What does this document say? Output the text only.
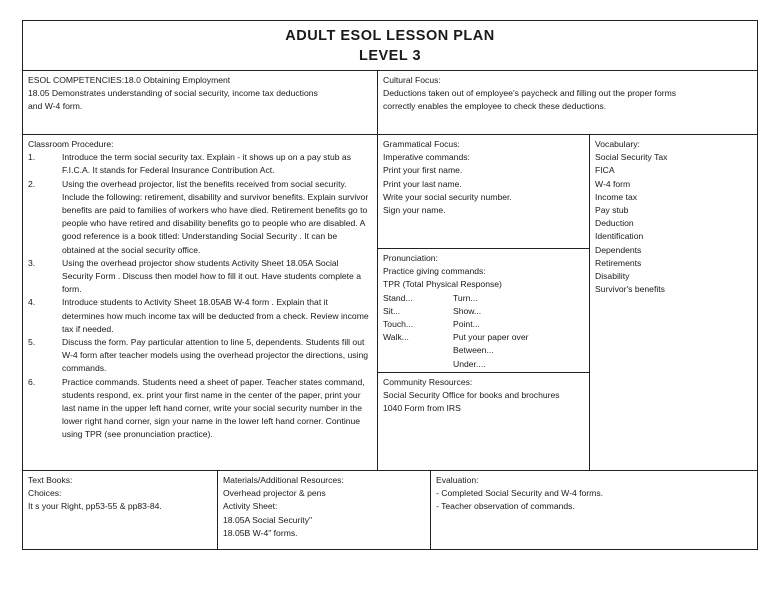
ADULT ESOL LESSON PLAN
LEVEL 3
ESOL COMPETENCIES:18.0 Obtaining Employment
18.05 Demonstrates understanding of social security, income tax deductions
and W-4 form.
Cultural Focus:
Deductions taken out of employee's paycheck and filling out the proper forms
correctly enables the employee to check these deductions.
Classroom Procedure:
1.	Introduce the term social security tax. Explain - it shows up on a pay stub as F.I.C.A. It stands for Federal Insurance Contribution Act.
2.	Using the overhead projector, list the benefits received from social security. Include the following: retirement, disability and survivor benefits. Explain survivor benefits are paid to families of workers who have died. Retirement benefits go to people who have retired and disability benefits go to people who are disabled. A good reference is a book titled: Understanding Social Security . It can be obtained at the social security office.
3.	Using the overhead projector show students Activity Sheet 18.05A Social Security Form . Discuss then model how to fill it out. Have students complete a form.
4.	Introduce students to Activity Sheet 18.05AB W-4 form . Explain that it determines how much income tax will be deducted from a check. Review income tax if needed.
5.	Discuss the form. Pay particular attention to line 5, dependents. Students fill out W-4 form after teacher models using the overhead projector the directions, using commands.
6.	Practice commands. Students need a sheet of paper. Teacher states command, students respond, ex. print your first name in the center of the paper, print your last name in the upper left hand corner, write your social security number in the lower right hand corner, sign your name in the lower left hand corner. Continue using TPR (see pronunciation practice).
Grammatical Focus:
Imperative commands:
Print your first name.
Print your last name.
Write your social security number.
Sign your name.
Vocabulary:
Social Security Tax
FICA
W-4 form
Income tax
Pay stub
Deduction
Identification
Dependents
Retirements
Disability
Survivor's benefits
Pronunciation:
Practice giving commands:
TPR (Total Physical Response)
Stand...	Turn...
Sit...	Show...
Touch...	Point...
Walk...	Put your paper over
Between...
Under....
Community Resources:
Social Security Office for books and brochures
1040 Form from IRS
Text Books:
Choices:
It s your Right, pp53-55 & pp83-84.
Materials/Additional Resources:
Overhead projector & pens
Activity Sheet:
18.05A Social Security"
18.05B W-4" forms.
Evaluation:
- Completed Social Security and W-4 forms.
- Teacher observation of commands.
